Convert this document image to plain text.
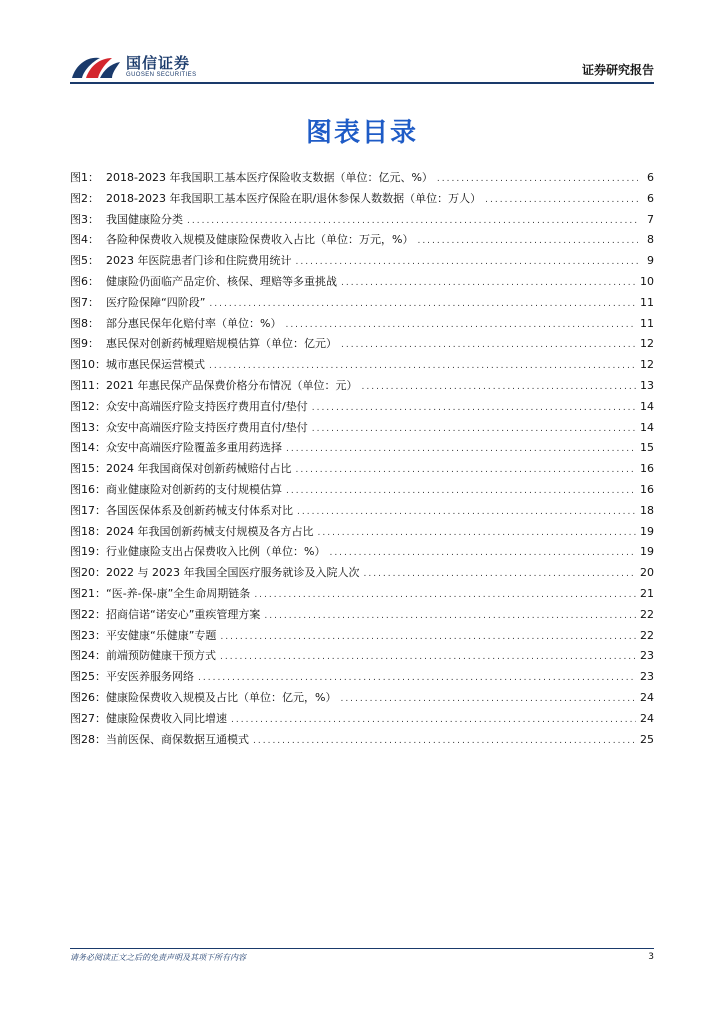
国信证券
GUOSEN SECURITIES	证券研究报告
图表目录
图1： 2018-2023 年我国职工基本医疗保险收支数据（单位：亿元、%） .....	6
图2： 2018-2023 年我国职工基本医疗保险在职/退休参保人数数据（单位：万人） .....	6
图3： 我国健康险分类 .....	7
图4： 各险种保费收入规模及健康险保费收入占比（单位：万元，%） .....	8
图5： 2023 年医院患者门诊和住院费用统计 .....	9
图6： 健康险仍面临产品定价、核保、理赔等多重挑战 .....	10
图7： 医疗险保障“四阶段” .....	11
图8： 部分惠民保年化赔付率（单位：%） .....	11
图9： 惠民保对创新药械理赔规模估算（单位：亿元） .....	12
图10： 城市惠民保运营模式 .....	12
图11： 2021 年惠民保产品保费价格分布情况（单位：元） .....	13
图12： 众安中高端医疗险支持医疗费用直付/垫付 .....	14
图13： 众安中高端医疗险支持医疗费用直付/垫付 .....	14
图14： 众安中高端医疗险覆盖多重用药选择 .....	15
图15： 2024 年我国商保对创新药械赔付占比 .....	16
图16： 商业健康险对创新药的支付规模估算 .....	16
图17： 各国医保体系及创新药械支付体系对比 .....	18
图18： 2024 年我国创新药械支付规模及各方占比 .....	19
图19： 行业健康险支出占保费收入比例（单位：%） .....	19
图20： 2022 与 2023 年我国全国医疗服务就诊及入院人次 .....	20
图21： “医-养-保-康”全生命周期链条 .....	21
图22： 招商信诺“诺安心”重疾管理方案 .....	22
图23： 平安健康“乐健康”专题 .....	22
图24： 前端预防健康干预方式 .....	23
图25： 平安医养服务网络 .....	23
图26： 健康险保费收入规模及占比（单位：亿元，%） .....	24
图27： 健康险保费收入同比增速 .....	24
图28： 当前医保、商保数据互通模式 .....	25
请务必阅读正文之后的免责声明及其项下所有内容	3
